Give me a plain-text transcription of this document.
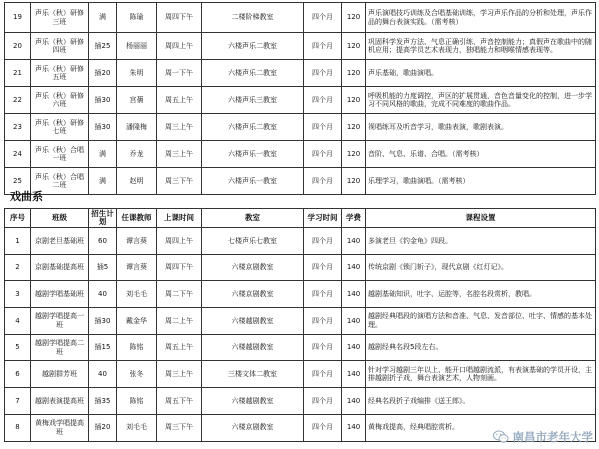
19	声乐（秋）研修三班	满	陈瑜	周四下午	二楼阶梯教室	四个月	120	声乐演唱技巧训练及合唱基础训练，学习声乐作品的分析和处理，声乐作品的舞台表演实践。（需考核）
20	声乐（秋）研修四班	插25	杨丽丽	周四上午	六楼声乐二教室	四个月	120	巩固科学发声方法、气息正确引练、声音控制能力；真假声在歌曲中的随机应用；提高学员艺术表现力，独唱能力和咽喉情感表现等。
21	声乐（秋）研修五班	插20	朱明	周一下午	六楼声乐二教室	四个月	120	声乐基础，歌曲演唱。
22	声乐（秋）研修六班	插30	宫蒨	周五上午	六楼声乐三教室	四个月	120	呼吸机能的力度调控，声区的扩展贯通，音色音量变化的控制，进一步学习不同风格的歌曲，完成不同难度的歌曲作品。
23	声乐（秋）研修七班	插30	潘隆梅	周三上午	六楼声乐二教室	四个月	120	视唱练耳及听音学习，歌曲表演，歌剧表演。
24	声乐（秋）合唱一班	满	乔龙	周三上午	六楼声乐一教室	四个月	120	音阶、气息、乐谱、合唱。（需考核）
25	声乐（秋）合唱二班	满	赵明	周三下午	六楼声乐一教室	四个月	120	乐理学习，歌曲演唱。（需考核）
戏曲系
序号	班级	招生计划	任课教师	上课时间	教室	学习时间	学费	课程设置
1	京剧老旦基础班	60	谭言葵	周四上午	七楼声乐七教室	四个月	140	多演老旦《钓金龟》四段。
2	京剧基础提高班	插5	谭言葵	周四下午	六楼京剧教室	四个月	140	传统京剧《锁门斩子》，现代京剧《红灯记》。
3	越剧学唱基础班	40	刘毛毛	周二下午	六楼京剧教室	四个月	140	越剧基础知识，吐字、运腔等，名腔名段赏析，教唱。
4	越剧学唱提高一班	插30	戴金华	周二上午	六楼越剧教室	四个月	140	越剧经典唱段的演唱方法和音准、气息、发音部位、吐字、情感的基本处理。
5	越剧学唱提高二班	插15	陈铭	周五上午	六楼越剧教室	四个月	140	越剧经典名段5段左右。
6	越剧群芳班	40	张冬	周三上午	三楼文体二教室	四个月	140	针对学习越剧三年以上、能开口唱越剧流派，有表演基础的学员开设，主排越剧折子戏，舞台表演艺术，人物刻画。
7	越剧表演提高班	插35	陈铭	周五下午	六楼越剧教室	四个月	140	经典名段折子戏编排《送王郎》。
8	黄梅戏学唱提高班	插20	刘毛毛	周三下午	六楼京剧教室	四个月	140	黄梅戏提高，经典唱腔赏析。
南昌市老年大学
